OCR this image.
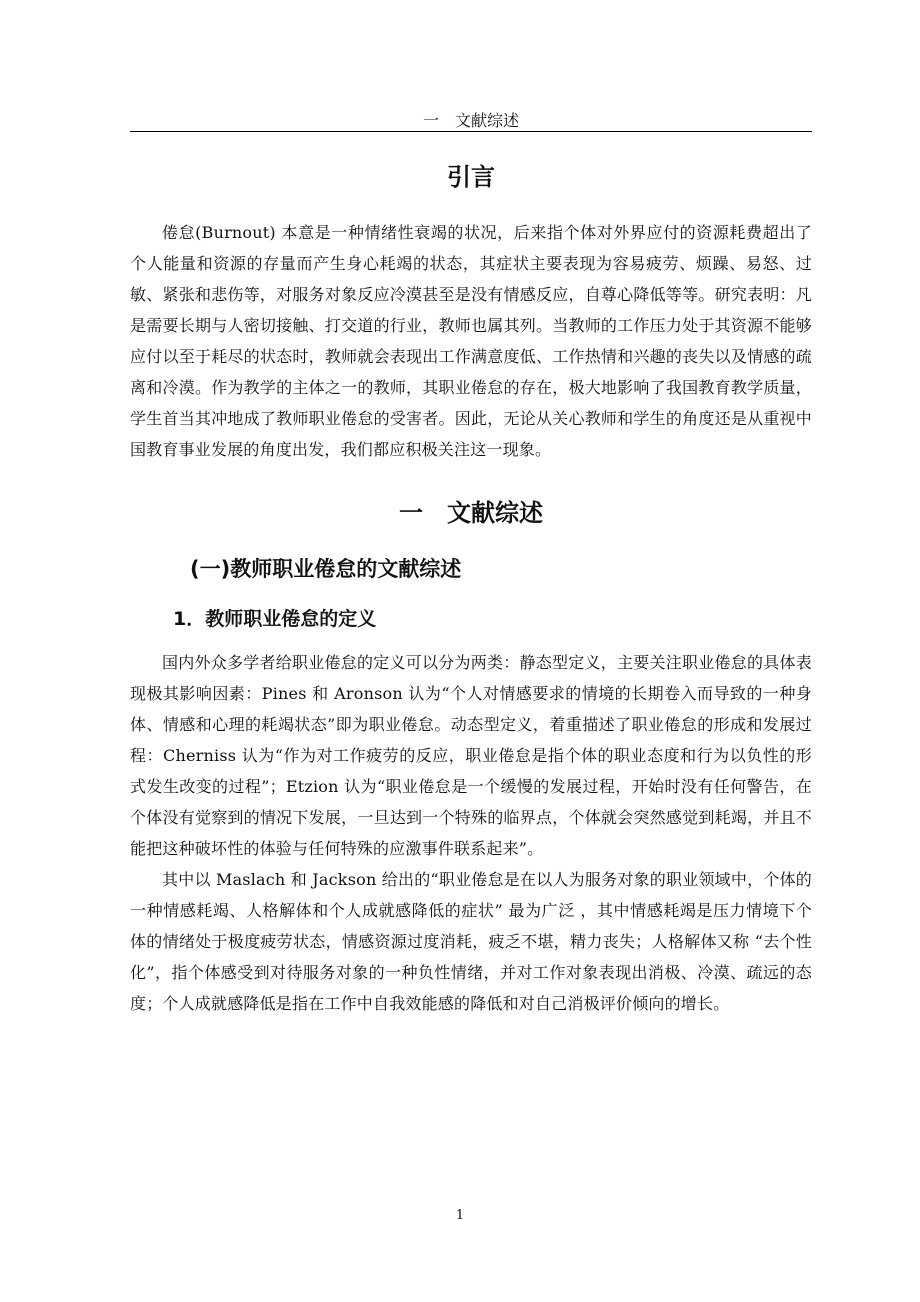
一　文献综述
引言

倦怠(Burnout) 本意是一种情绪性衰竭的状况，后来指个体对外界应付的资源耗费超出了个人能量和资源的存量而产生身心耗竭的状态，其症状主要表现为容易疲劳、烦躁、易怒、过敏、紧张和悲伤等，对服务对象反应冷漠甚至是没有情感反应，自尊心降低等等。研究表明：凡是需要长期与人密切接触、打交道的行业，教师也属其列。当教师的工作压力处于其资源不能够应付以至于耗尽的状态时，教师就会表现出工作满意度低、工作热情和兴趣的丧失以及情感的疏离和冷漠。作为教学的主体之一的教师，其职业倦怠的存在，极大地影响了我国教育教学质量，学生首当其冲地成了教师职业倦怠的受害者。因此，无论从关心教师和学生的角度还是从重视中国教育事业发展的角度出发，我们都应积极关注这一现象。

一　文献综述
(一)教师职业倦怠的文献综述
1．教师职业倦怠的定义

国内外众多学者给职业倦怠的定义可以分为两类：静态型定义，主要关注职业倦怠的具体表现极其影响因素：Pines 和 Aronson 认为“个人对情感要求的情境的长期卷入而导致的一种身体、情感和心理的耗竭状态”即为职业倦怠。动态型定义，着重描述了职业倦怠的形成和发展过程：Cherniss 认为“作为对工作疲劳的反应，职业倦怠是指个体的职业态度和行为以负性的形式发生改变的过程”；Etzion 认为“职业倦怠是一个缓慢的发展过程，开始时没有任何警告，在个体没有觉察到的情况下发展，一旦达到一个特殊的临界点，个体就会突然感觉到耗竭，并且不能把这种破坏性的体验与任何特殊的应激事件联系起来”。

其中以 Maslach 和 Jackson 给出的“职业倦怠是在以人为服务对象的职业领域中，个体的一种情感耗竭、人格解体和个人成就感降低的症状” 最为广泛 ，其中情感耗竭是压力情境下个体的情绪处于极度疲劳状态，情感资源过度消耗，疲乏不堪，精力丧失；人格解体又称 “去个性化”，指个体感受到对待服务对象的一种负性情绪，并对工作对象表现出消极、冷漠、疏远的态度；个人成就感降低是指在工作中自我效能感的降低和对自己消极评价倾向的增长。

1
